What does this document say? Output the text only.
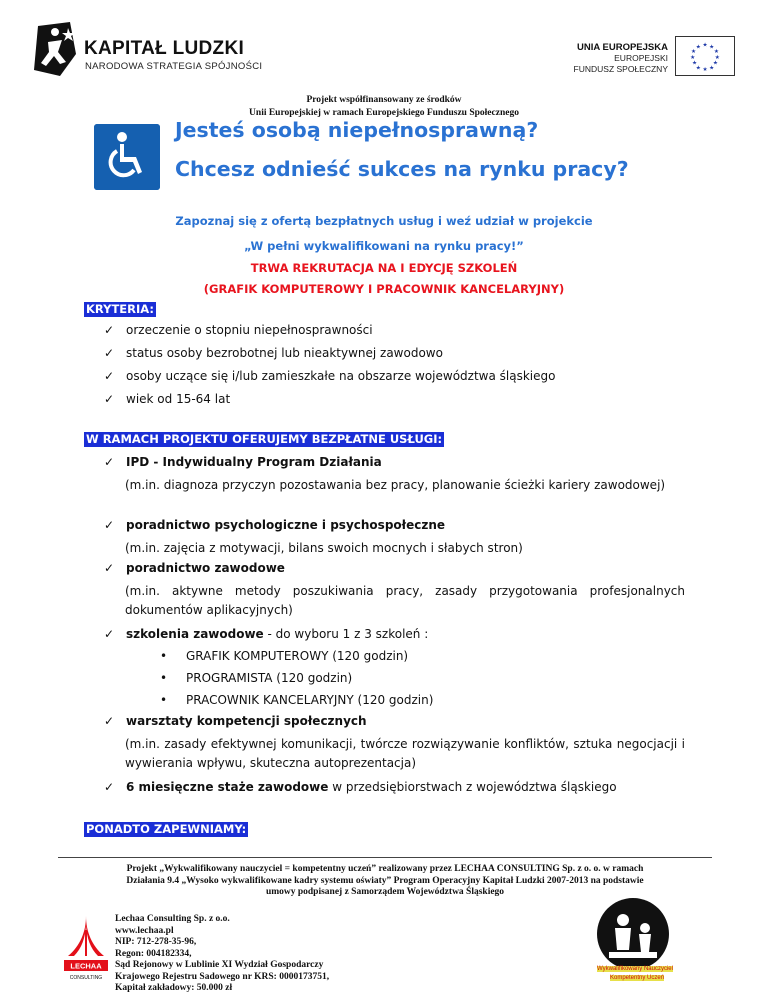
KAPITAŁ LUDZKI
NARODOWA STRATEGIA SPÓJNOŚCI
UNIA EUROPEJSKA
EUROPEJSKI
FUNDUSZ SPOŁECZNY
★ ★
★
★
★
★
★
★
★
★
★
★
Projekt współfinansowany ze środków
Unii Europejskiej w ramach Europejskiego Funduszu Społecznego
Jesteś osobą niepełnosprawną?
Chcesz odnieść sukces na rynku pracy?
Zapoznaj się z ofertą bezpłatnych usług i weź udział w projekcie
„W pełni wykwalifikowani na rynku pracy!”
TRWA REKRUTACJA NA I EDYCJĘ SZKOLEŃ
(GRAFIK KOMPUTEROWY I PRACOWNIK KANCELARYJNY)
KRYTERIA:
✓ orzeczenie o stopniu niepełnosprawności
✓ status osoby bezrobotnej lub nieaktywnej zawodowo
✓ osoby uczące się i/lub zamieszkałe na obszarze województwa śląskiego
✓ wiek od 15-64 lat
W RAMACH PROJEKTU OFERUJEMY BEZPŁATNE USŁUGI:
✓ IPD - Indywidualny Program Działania
(m.in. diagnoza przyczyn pozostawania bez pracy, planowanie ścieżki kariery zawodowej)
✓ poradnictwo psychologiczne i psychospołeczne
(m.in. zajęcia z motywacji, bilans swoich mocnych i słabych stron)
✓ poradnictwo zawodowe
(m.in. aktywne metody poszukiwania pracy, zasady przygotowania profesjonalnych dokumentów aplikacyjnych)
✓ szkolenia zawodowe - do wyboru 1 z 3 szkoleń :
• GRAFIK KOMPUTEROWY (120 godzin)
• PROGRAMISTA (120 godzin)
• PRACOWNIK KANCELARYJNY (120 godzin)
✓ warsztaty kompetencji społecznych
(m.in. zasady efektywnej komunikacji, twórcze rozwiązywanie konfliktów, sztuka negocjacji i wywierania wpływu, skuteczna autoprezentacja)
✓ 6 miesięczne staże zawodowe w przedsiębiorstwach z województwa śląskiego
PONADTO ZAPEWNIAMY:
Projekt „Wykwalifikowany nauczyciel = kompetentny uczeń” realizowany przez LECHAA CONSULTING Sp. z o. o. w ramach
Działania 9.4 „Wysoko wykwalifikowane kadry systemu oświaty” Program Operacyjny Kapitał Ludzki 2007-2013 na podstawie
umowy podpisanej z Samorządem Województwa Śląskiego
LECHAA
CONSULTING
Lechaa Consulting Sp. z o.o.
www.lechaa.pl
NIP: 712-278-35-96,
Regon: 004182334,
Sąd Rejonowy w Lublinie XI Wydział Gospodarczy
Krajowego Rejestru Sadowego nr KRS: 0000173751,
Kapitał zakładowy: 50.000 zł
Wykwalifikowany Nauczyciel
Kompetentny Uczeń
